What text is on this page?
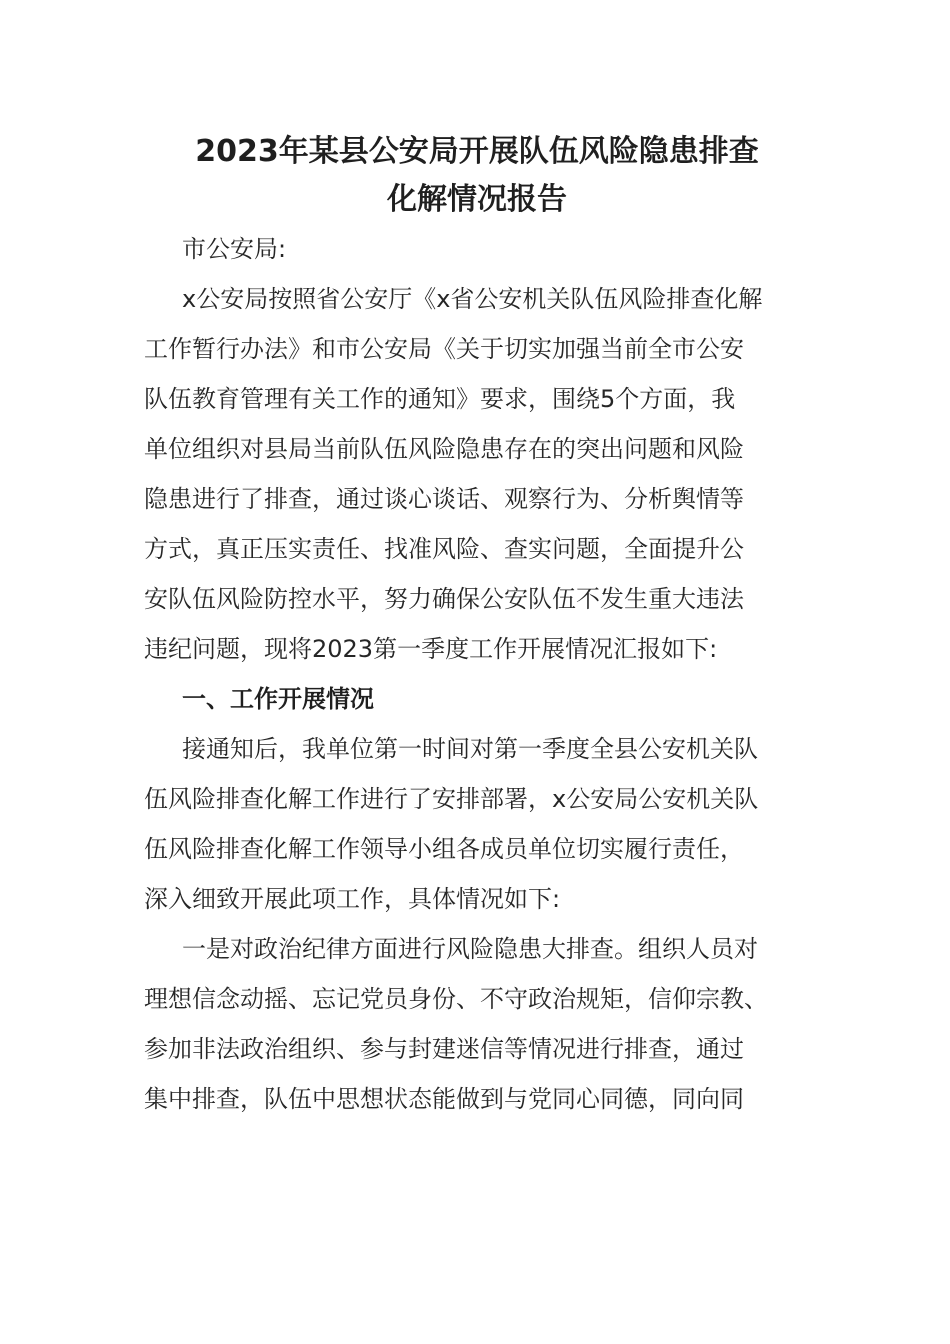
2023年某县公安局开展队伍风险隐患排查
化解情况报告

市公安局:

x公安局按照省公安厅《x省公安机关队伍风险排查化解
工作暂行办法》和市公安局《关于切实加强当前全市公安
队伍教育管理有关工作的通知》要求，围绕5个方面，我
单位组织对县局当前队伍风险隐患存在的突出问题和风险
隐患进行了排查，通过谈心谈话、观察行为、分析舆情等
方式，真正压实责任、找准风险、查实问题，全面提升公
安队伍风险防控水平，努力确保公安队伍不发生重大违法
违纪问题，现将2023第一季度工作开展情况汇报如下:

一、工作开展情况

接通知后，我单位第一时间对第一季度全县公安机关队
伍风险排查化解工作进行了安排部署，x公安局公安机关队
伍风险排查化解工作领导小组各成员单位切实履行责任，
深入细致开展此项工作，具体情况如下:

一是对政治纪律方面进行风险隐患大排查。组织人员对
理想信念动摇、忘记党员身份、不守政治规矩，信仰宗教、
参加非法政治组织、参与封建迷信等情况进行排查，通过
集中排查，队伍中思想状态能做到与党同心同德，同向同
